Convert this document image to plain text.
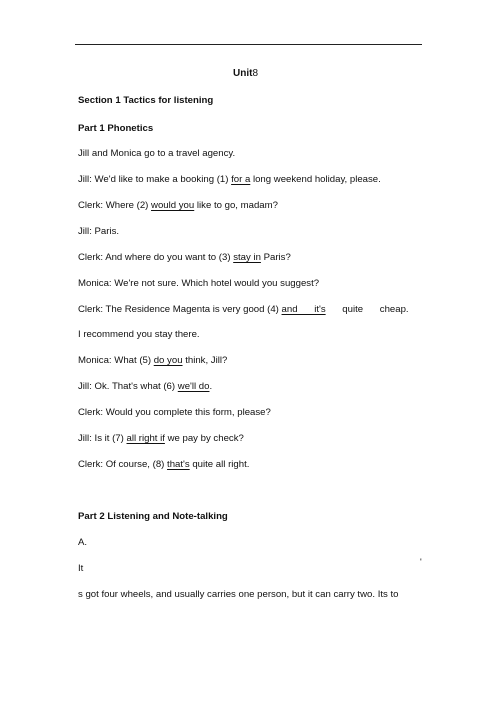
Unit8
Section 1 Tactics for listening
Part 1 Phonetics
Jill and Monica go to a travel agency.
Jill: We'd like to make a booking (1) for a long weekend holiday, please.
Clerk: Where (2) would you like to go, madam?
Jill: Paris.
Clerk: And where do you want to (3) stay in Paris?
Monica: We're not sure. Which hotel would you suggest?
Clerk: The Residence Magenta is very good (4) and it's quite cheap.
I recommend you stay there.
Monica: What (5) do you think, Jill?
Jill: Ok. That's what (6) we'll do.
Clerk: Would you complete this form, please?
Jill: Is it (7) all right if we pay by check?
Clerk: Of course, (8) that's quite all right.
Part 2 Listening and Note-talking
A.
It
'
s got four wheels, and usually carries one person, but it can carry two. Its to
